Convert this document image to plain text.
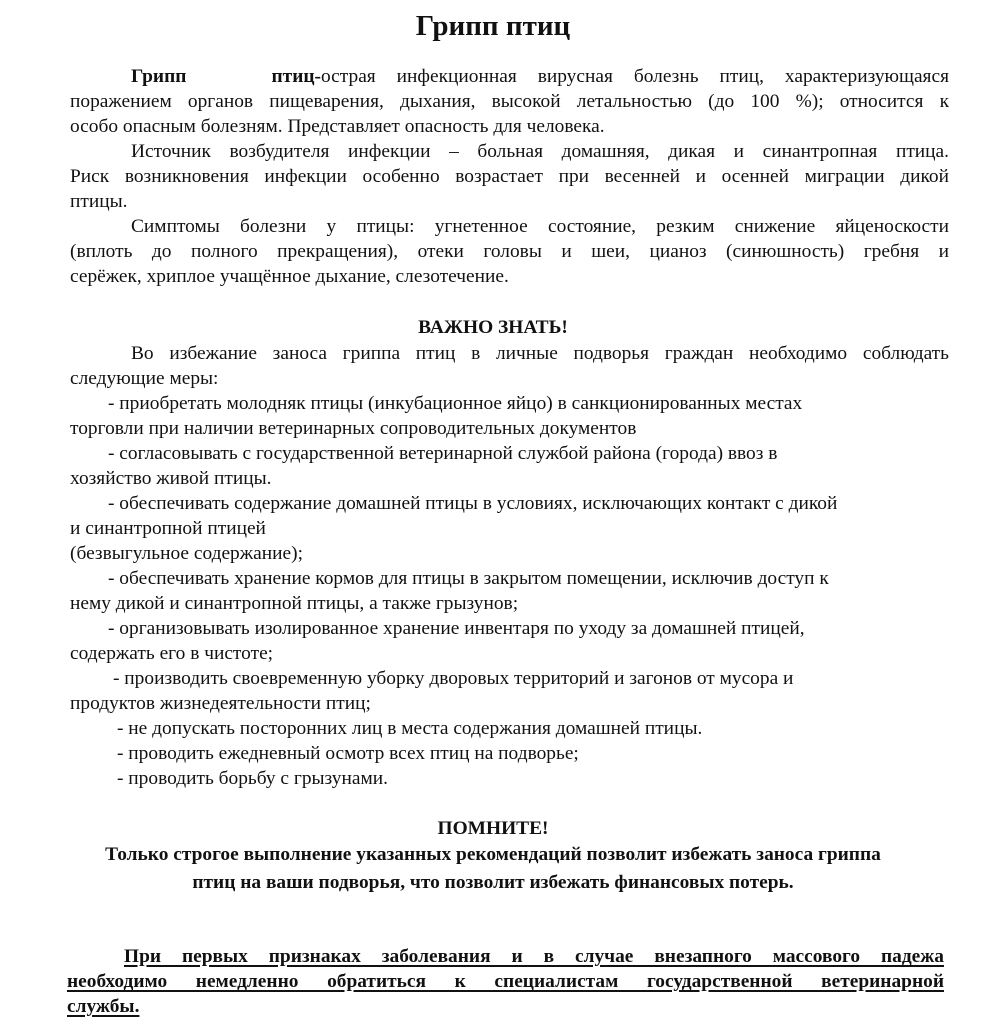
Грипп птиц
Грипп птиц-острая инфекционная вирусная болезнь птиц, характеризующаяся
поражением органов пищеварения, дыхания, высокой летальностью (до 100 %); относится к
особо опасным болезням. Представляет опасность для человека.
Источник возбудителя инфекции – больная домашняя, дикая и синантропная птица.
Риск возникновения инфекции особенно возрастает при весенней и осенней миграции дикой
птицы.
Симптомы болезни у птицы: угнетенное состояние, резким снижение яйценоскости
(вплоть до полного прекращения), отеки головы и шеи, цианоз (синюшность) гребня и
серёжек, хриплое учащённое дыхание, слезотечение.
ВАЖНО ЗНАТЬ!
Во избежание заноса гриппа птиц в личные подворья граждан необходимо соблюдать
следующие меры:
- приобретать молодняк птицы (инкубационное яйцо) в санкционированных местах
торговли при наличии ветеринарных сопроводительных документов
- согласовывать с государственной ветеринарной службой района (города) ввоз в
хозяйство живой птицы.
- обеспечивать содержание домашней птицы в условиях, исключающих контакт с дикой
и синантропной птицей
(безвыгульное содержание);
- обеспечивать хранение кормов для птицы в закрытом помещении, исключив доступ к
нему дикой и синантропной птицы, а также грызунов;
- организовывать изолированное хранение инвентаря по уходу за домашней птицей,
содержать его в чистоте;
- производить своевременную уборку дворовых территорий и загонов от мусора и
продуктов жизнедеятельности птиц;
- не допускать посторонних лиц в места содержания домашней птицы.
- проводить ежедневный осмотр всех птиц на подворье;
- проводить борьбу с грызунами.
ПОМНИТЕ!
Только строгое выполнение указанных рекомендаций позволит избежать заноса гриппа
птиц на ваши подворья, что позволит избежать финансовых потерь.
При первых признаках заболевания и в случае внезапного массового падежа
необходимо немедленно обратиться к специалистам государственной ветеринарной
службы.
